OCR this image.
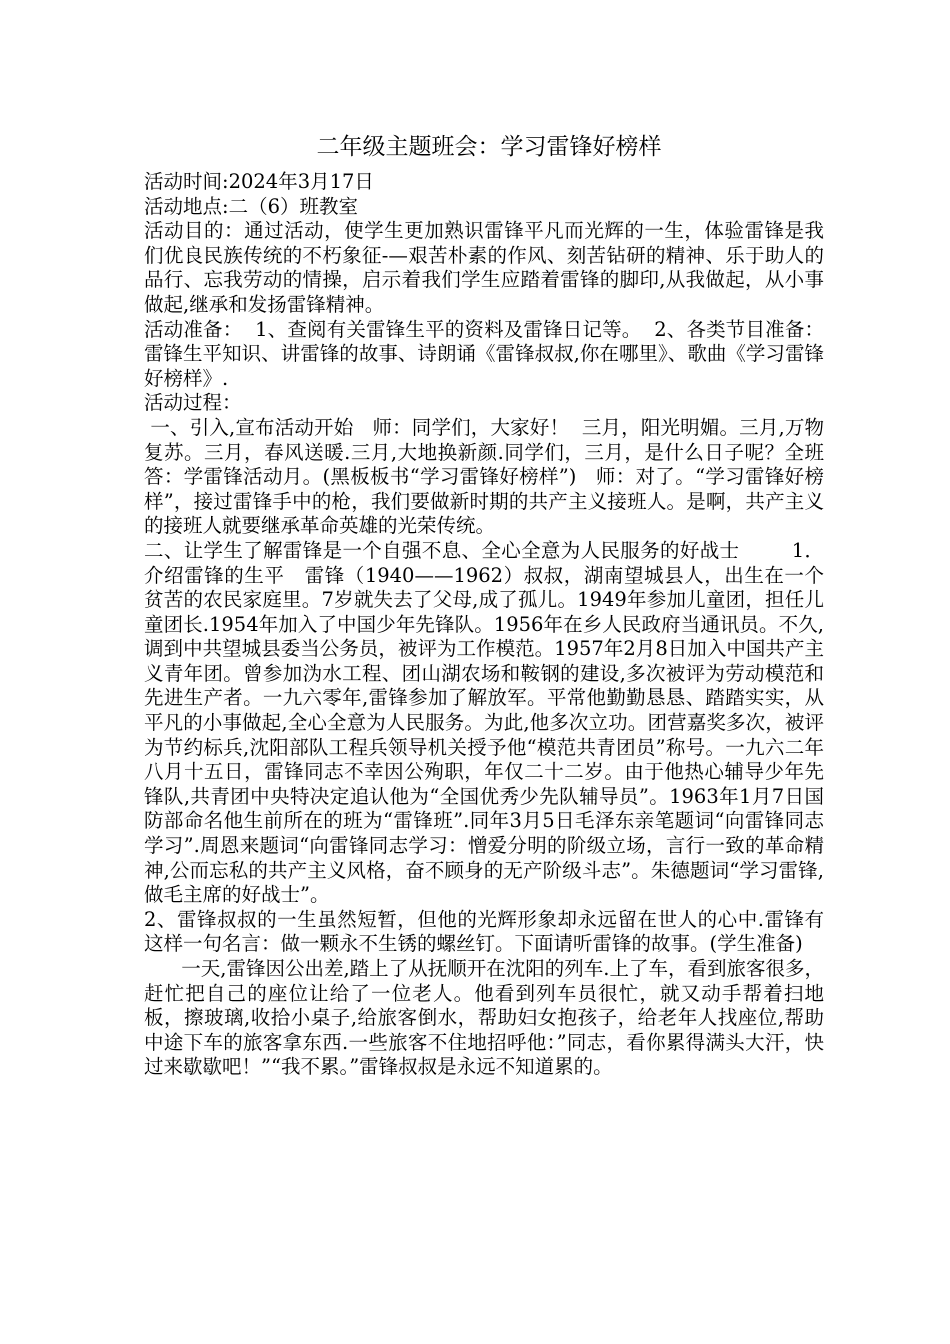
二年级主题班会：学习雷锋好榜样

活动时间:2024年3月17日

活动地点:二（6）班教室

活动目的：通过活动，使学生更加熟识雷锋平凡而光辉的一生，体验雷锋是我们优良民族传统的不朽象征-—艰苦朴素的作风、刻苦钻研的精神、乐于助人的品行、忘我劳动的情操，启示着我们学生应踏着雷锋的脚印,从我做起，从小事做起,继承和发扬雷锋精神。

活动准备：  1、查阅有关雷锋生平的资料及雷锋日记等。  2、各类节目准备：雷锋生平知识、讲雷锋的故事、诗朗诵《雷锋叔叔,你在哪里》、歌曲《学习雷锋好榜样》.

活动过程：

一、引入,宣布活动开始   师：同学们，大家好！  三月，阳光明媚。三月,万物复苏。三月，春风送暖.三月,大地换新颜.同学们，三月，是什么日子呢？全班答：学雷锋活动月。(黑板板书“学习雷锋好榜样”)   师：对了。“学习雷锋好榜样”，接过雷锋手中的枪，我们要做新时期的共产主义接班人。是啊，共产主义的接班人就要继承革命英雄的光荣传统。

二、让学生了解雷锋是一个自强不息、全心全意为人民服务的好战士        1．介绍雷锋的生平   雷锋（1940——1962）叔叔，湖南望城县人，出生在一个贫苦的农民家庭里。7岁就失去了父母,成了孤儿。1949年参加儿童团，担任儿童团长.1954年加入了中国少年先锋队。1956年在乡人民政府当通讯员。不久,调到中共望城县委当公务员，被评为工作模范。1957年2月8日加入中国共产主义青年团。曾参加沩水工程、团山湖农场和鞍钢的建设,多次被评为劳动模范和先进生产者。一九六零年,雷锋参加了解放军。平常他勤勤恳恳、踏踏实实，从平凡的小事做起,全心全意为人民服务。为此,他多次立功。团营嘉奖多次，被评为节约标兵,沈阳部队工程兵领导机关授予他“模范共青团员”称号。一九六二年八月十五日，雷锋同志不幸因公殉职，年仅二十二岁。由于他热心辅导少年先锋队,共青团中央特决定追认他为“全国优秀少先队辅导员”。1963年1月7日国防部命名他生前所在的班为“雷锋班”.同年3月5日毛泽东亲笔题词“向雷锋同志学习”.周恩来题词“向雷锋同志学习：憎爱分明的阶级立场，言行一致的革命精神,公而忘私的共产主义风格，奋不顾身的无产阶级斗志”。朱德题词“学习雷锋,做毛主席的好战士”。

2、雷锋叔叔的一生虽然短暂，但他的光辉形象却永远留在世人的心中.雷锋有这样一句名言：做一颗永不生锈的螺丝钉。下面请听雷锋的故事。(学生准备)

一天,雷锋因公出差,踏上了从抚顺开在沈阳的列车.上了车，看到旅客很多，赶忙把自己的座位让给了一位老人。他看到列车员很忙，就又动手帮着扫地板，擦玻璃,收拾小桌子,给旅客倒水，帮助妇女抱孩子，给老年人找座位,帮助中途下车的旅客拿东西.一些旅客不住地招呼他：”同志，看你累得满头大汗，快过来歇歇吧！”“我不累。”雷锋叔叔是永远不知道累的。
